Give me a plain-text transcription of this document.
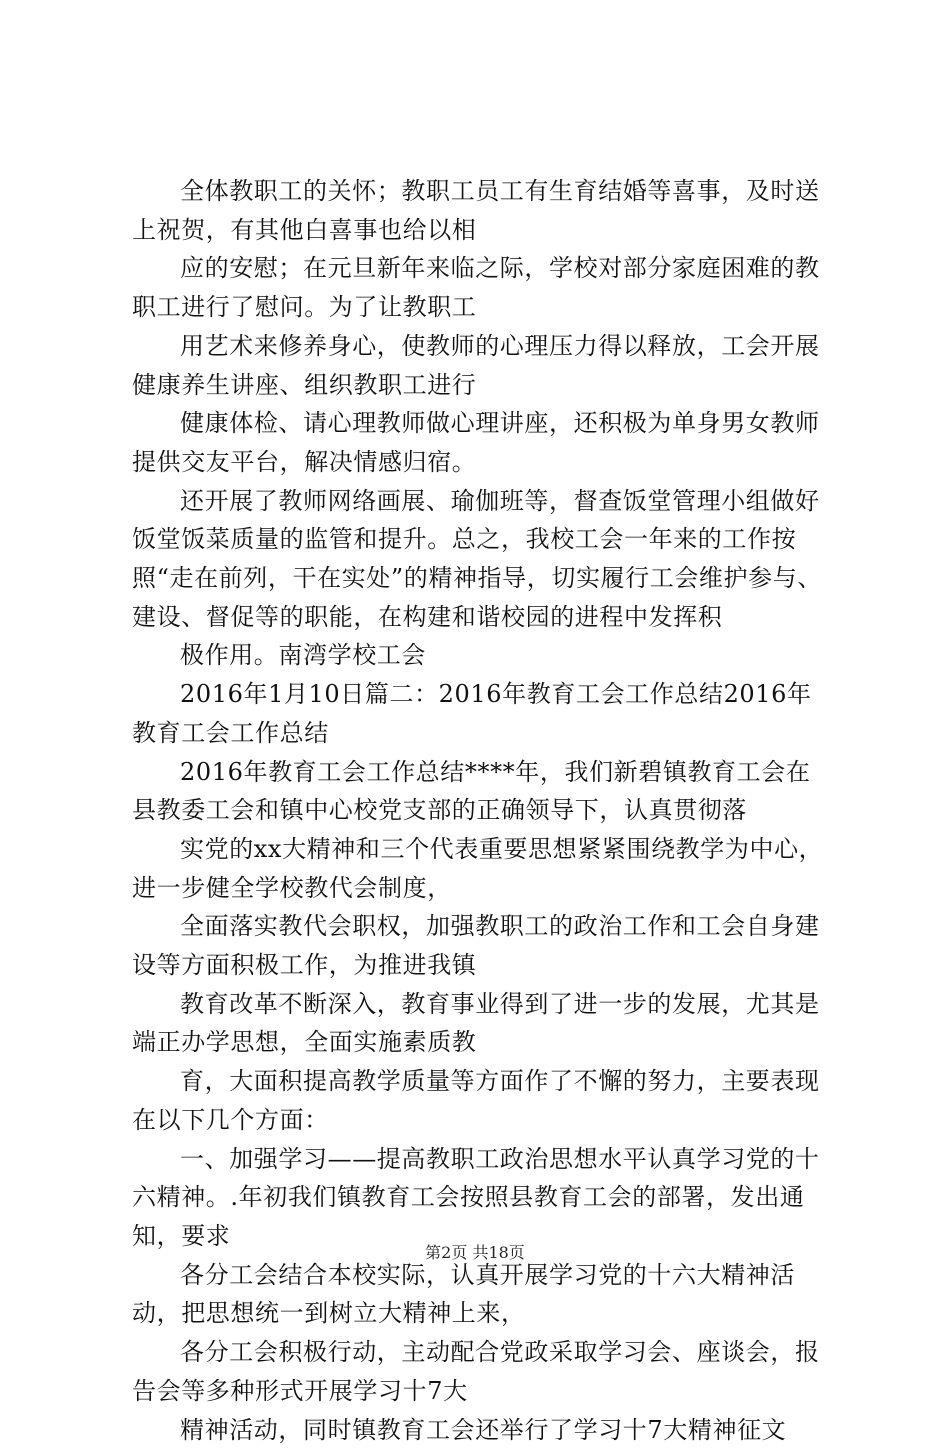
全体教职工的关怀；教职工员工有生育结婚等喜事，及时送上祝贺，有其他白喜事也给以相

应的安慰；在元旦新年来临之际，学校对部分家庭困难的教职工进行了慰问。为了让教职工

用艺术来修养身心，使教师的心理压力得以释放，工会开展健康养生讲座、组织教职工进行

健康体检、请心理教师做心理讲座，还积极为单身男女教师提供交友平台，解决情感归宿。

还开展了教师网络画展、瑜伽班等，督查饭堂管理小组做好饭堂饭菜质量的监管和提升。总之，我校工会一年来的工作按照“走在前列，干在实处”的精神指导，切实履行工会维护参与、建设、督促等的职能，在构建和谐校园的进程中发挥积

极作用。南湾学校工会

2016年1月10日篇二：2016年教育工会工作总结2016年教育工会工作总结

2016年教育工会工作总结****年，我们新碧镇教育工会在县教委工会和镇中心校党支部的正确领导下，认真贯彻落

实党的xx大精神和三个代表重要思想紧紧围绕教学为中心，进一步健全学校教代会制度，

全面落实教代会职权，加强教职工的政治工作和工会自身建设等方面积极工作，为推进我镇

教育改革不断深入，教育事业得到了进一步的发展，尤其是端正办学思想，全面实施素质教

育，大面积提高教学质量等方面作了不懈的努力，主要表现在以下几个方面：

一、加强学习——提高教职工政治思想水平认真学习党的十六精神。.年初我们镇教育工会按照县教育工会的部署，发出通知，要求

各分工会结合本校实际，认真开展学习党的十六大精神活动，把思想统一到树立大精神上来，

各分工会积极行动，主动配合党政采取学习会、座谈会，报告会等多种形式开展学习十7大

精神活动，同时镇教育工会还举行了学习十7大精神征文

第2页 共18页
